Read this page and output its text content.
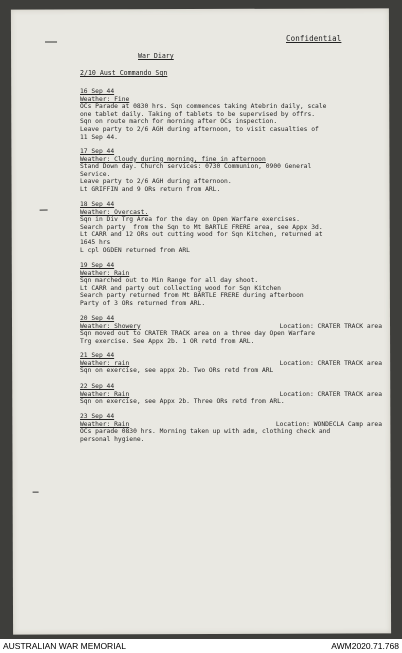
Confidential
War Diary
2/10 Aust Commando Sqn
16 Sep 44
Weather: Fine
OCs Parade at 0830 hrs. Sqn commences taking Atebrin daily, scale
one tablet daily. Taking of tablets to be supervised by offrs.
Sqn on route march for morning after OCs inspection.
Leave party to 2/6 AGH during afternoon, to visit casualties of
11 Sep 44.
17 Sep 44
Weather: Cloudy during morning, fine in afternoon
Stand Down day. Church services: 0730 Communion, 0900 General
Service.
Leave party to 2/6 AGH during afternoon.
Lt GRIFFIN and 9 ORs return from ARL.
18 Sep 44
Weather: Overcast.
Sqn in Div Trg Area for the day on Open Warfare exercises.
Search party  from the Sqn to Mt BARTLE FRERE area, see Appx 3d.
Lt CARR and 12 ORs out cutting wood for Sqn Kitchen, returned at
1645 hrs
L cpl OGDEN returned from ARL
19 Sep 44
Weather: Rain
Sqn marched out to Min Range for all day shoot.
Lt CARR and party out collecting wood for Sqn Kitchen
Search party returned from Mt BARTLE FRERE during afterboon
Party of 3 ORs returned from ARL.
20 Sep 44
Weather: Showery	Location: CRATER TRACK area
Sqn moved out to CRATER TRACK area on a three day Open Warfare
Trg exercise. See Appx 2b. 1 OR retd from ARL.
21 Sep 44
Weather: rain	Location: CRATER TRACK area
Sqn on exercise, see appx 2b. Two ORs retd from ARL
22 Sep 44
Weather: Rain	Location: CRATER TRACK area
Sqn on exercise, see Appx 2b. Three ORs retd from ARL.
23 Sep 44
Weather: Rain	Location: WONDECLA Camp area
OCs parade 0830 hrs. Morning taken up with adm, clothing check and
personal hygiene.
AUSTRALIAN WAR MEMORIAL	AWM2020.71.768
